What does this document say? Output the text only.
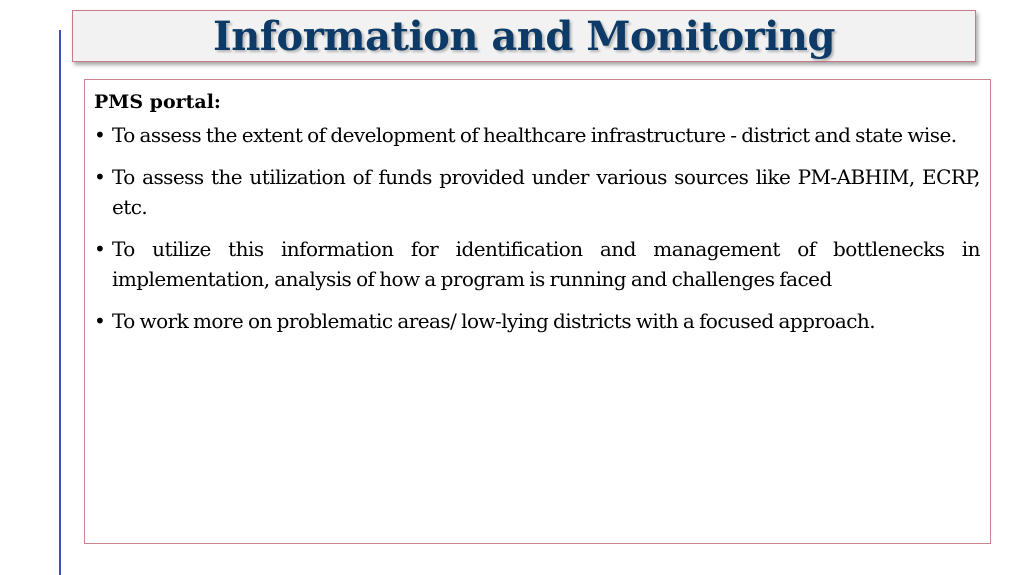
Information and Monitoring
PMS portal:
• To assess the extent of development of healthcare infrastructure - district and state wise.
• To assess the utilization of funds provided under various sources like PM-ABHIM, ECRP, etc.
• To utilize this information for identification and management of bottlenecks in implementation, analysis of how a program is running and challenges faced
• To work more on problematic areas/ low-lying districts with a focused approach.
